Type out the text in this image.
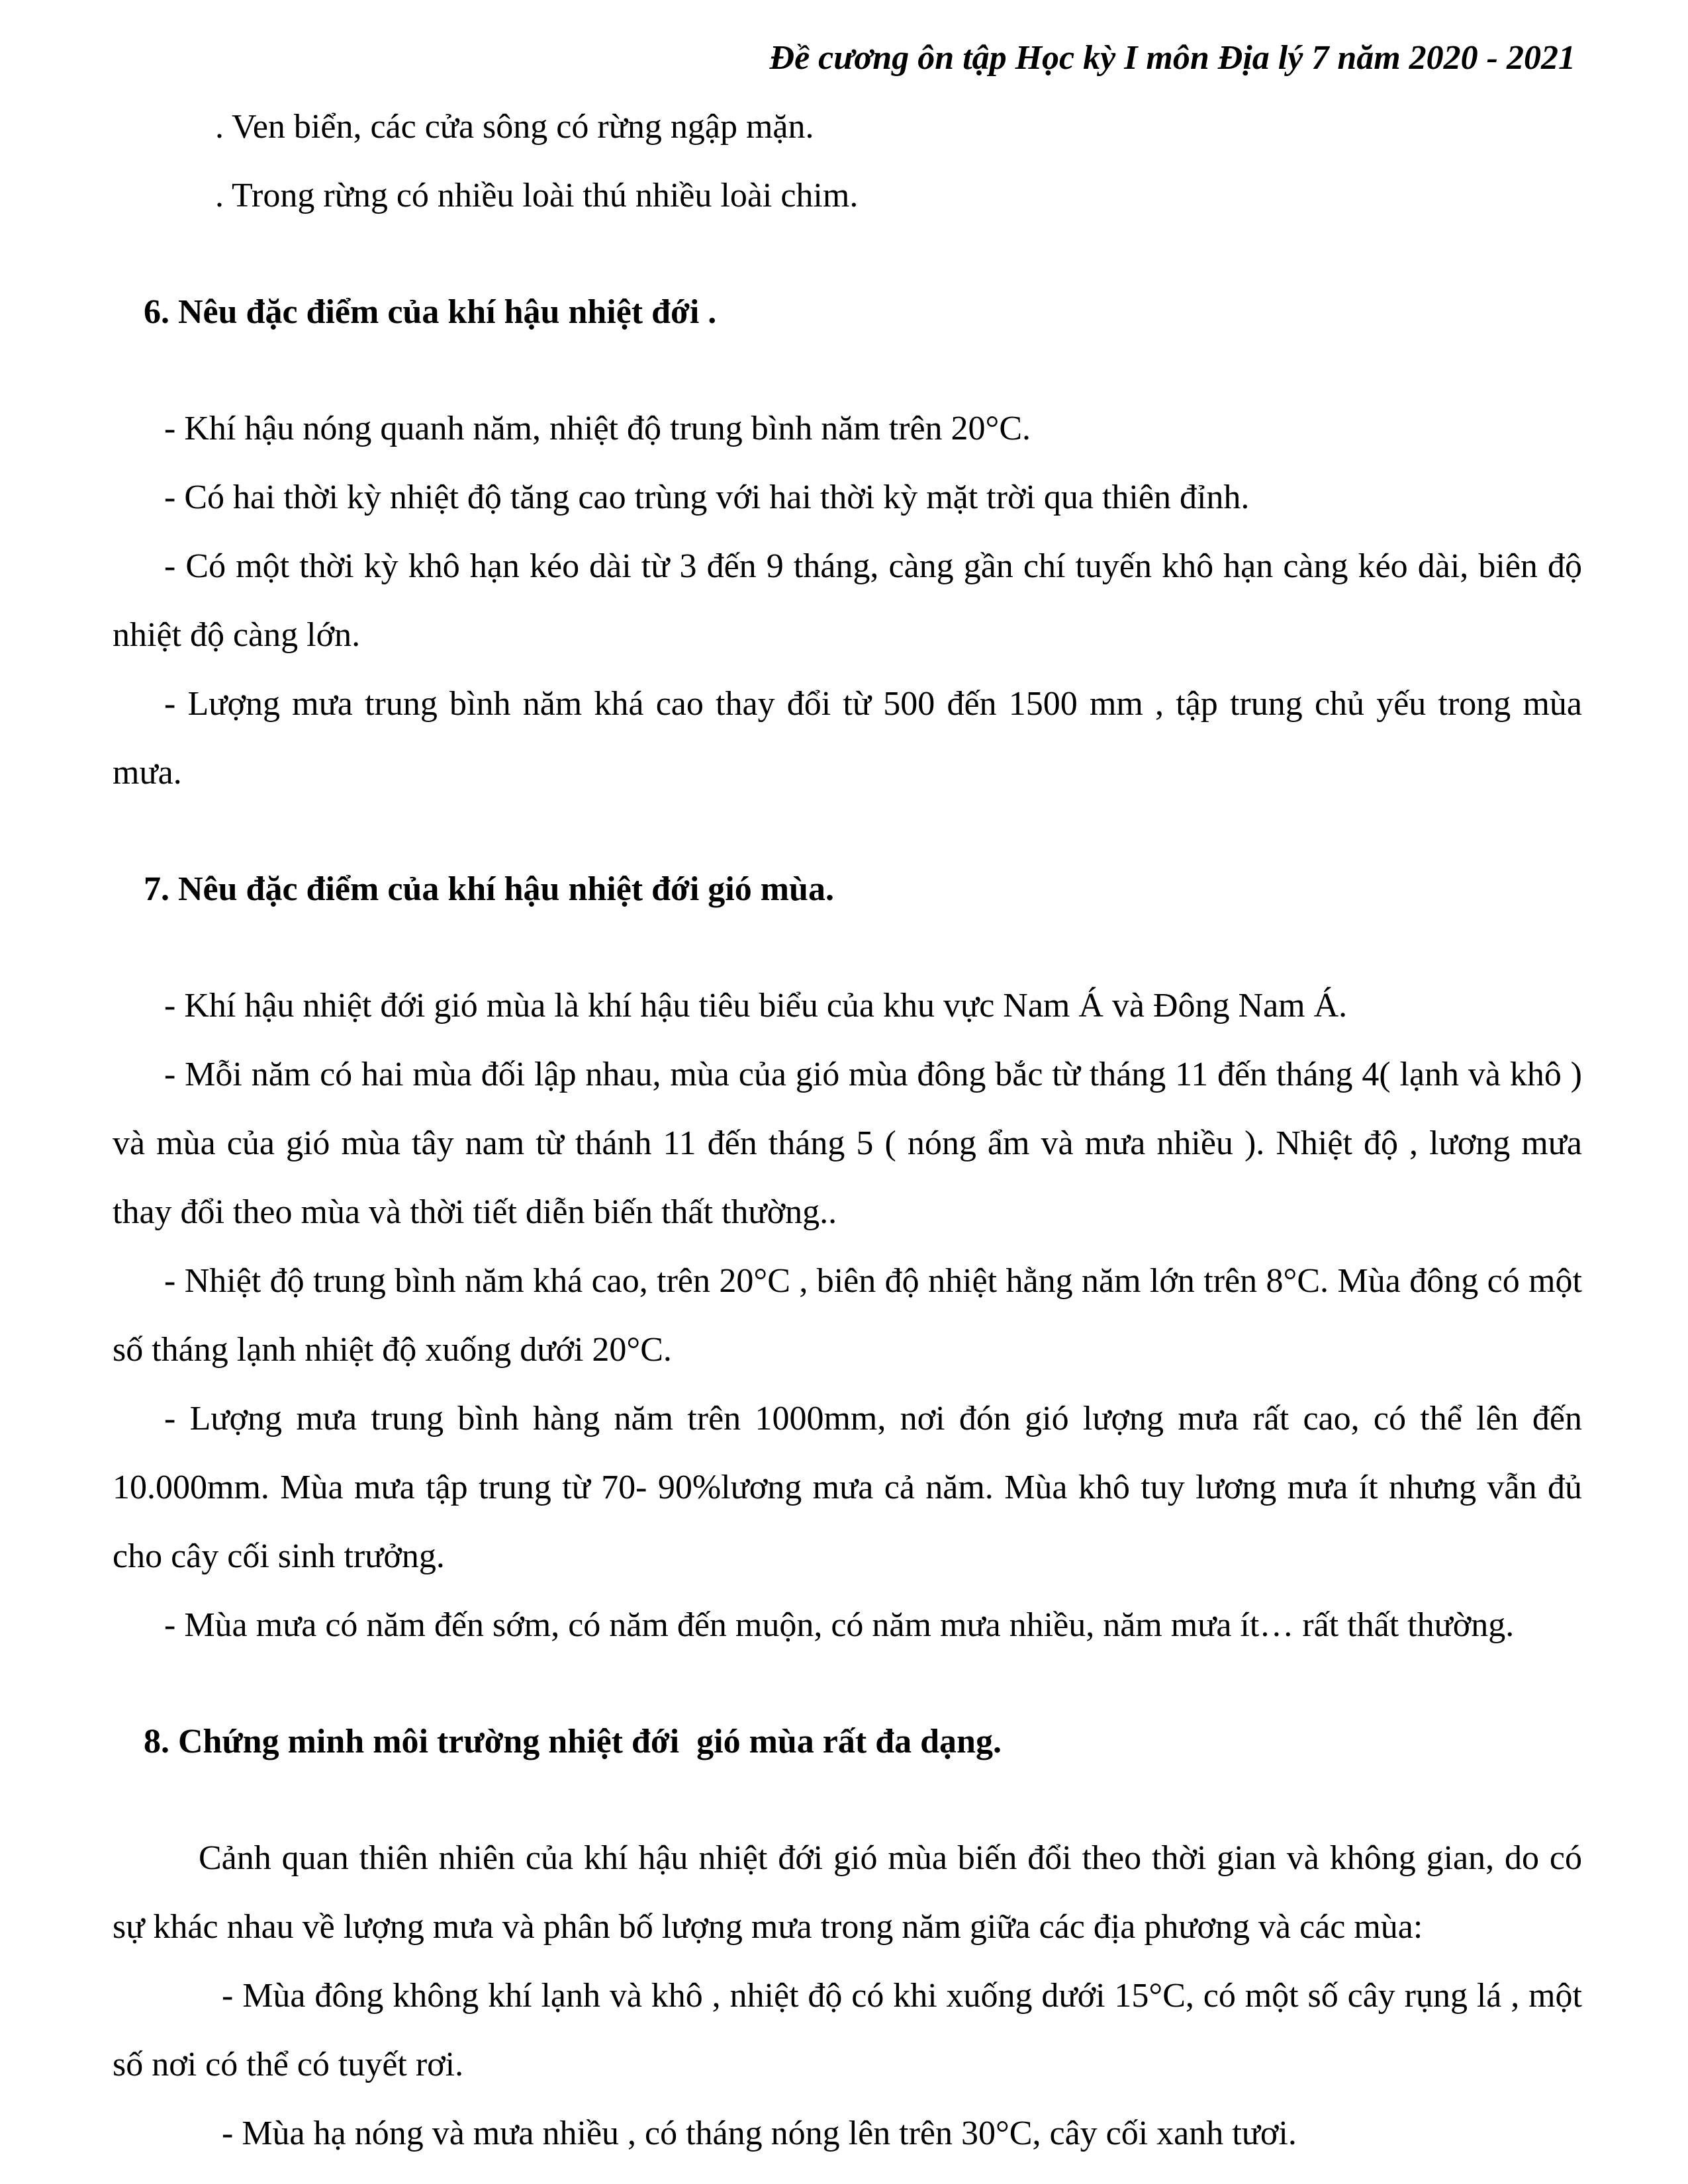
Đề cương ôn tập Học kỳ I môn Địa lý 7 năm 2020 - 2021

. Ven biển, các cửa sông có rừng ngập mặn.

. Trong rừng có nhiều loài thú nhiều loài chim.

6. Nêu đặc điểm của khí hậu nhiệt đới .

- Khí hậu nóng quanh năm, nhiệt độ trung bình năm trên 20°C.

- Có hai thời kỳ nhiệt độ tăng cao trùng với hai thời kỳ mặt trời qua thiên đỉnh.

- Có một thời kỳ khô hạn kéo dài từ 3 đến 9 tháng, càng gần chí tuyến khô hạn càng kéo dài, biên độ nhiệt độ càng lớn.

- Lượng mưa trung bình năm khá cao thay đổi từ 500 đến 1500 mm , tập trung chủ yếu trong mùa mưa.

7. Nêu đặc điểm của khí hậu nhiệt đới gió mùa.

- Khí hậu nhiệt đới gió mùa là khí hậu tiêu biểu của khu vực Nam Á và Đông Nam Á.

- Mỗi năm có hai mùa đối lập nhau, mùa của gió mùa đông bắc từ tháng 11 đến tháng 4( lạnh và khô ) và mùa của gió mùa tây nam từ thánh 11 đến tháng 5 ( nóng ẩm và mưa nhiều ). Nhiệt độ , lương mưa thay đổi theo mùa và thời tiết diễn biến thất thường..

- Nhiệt độ trung bình năm khá cao, trên 20°C , biên độ nhiệt hằng năm lớn trên 8°C. Mùa đông có một số tháng lạnh nhiệt độ xuống dưới 20°C.

- Lượng mưa trung bình hàng năm trên 1000mm, nơi đón gió lượng mưa rất cao, có thể lên đến 10.000mm. Mùa mưa tập trung từ 70- 90%lương mưa cả năm. Mùa khô tuy lương mưa ít nhưng vẫn đủ cho cây cối sinh trưởng.

- Mùa mưa có năm đến sớm, có năm đến muộn, có năm mưa nhiều, năm mưa ít… rất thất thường.

8. Chứng minh môi trường nhiệt đới  gió mùa rất đa dạng.

Cảnh quan thiên nhiên của khí hậu nhiệt đới gió mùa biến đổi theo thời gian và không gian, do có sự khác nhau về lượng mưa và phân bố lượng mưa trong năm giữa các địa phương và các mùa:

- Mùa đông không khí lạnh và khô , nhiệt độ có khi xuống dưới 15°C, có một số cây rụng lá , một số nơi có thể có tuyết rơi.

- Mùa hạ nóng và mưa nhiều , có tháng nóng lên trên 30°C, cây cối xanh tươi.
